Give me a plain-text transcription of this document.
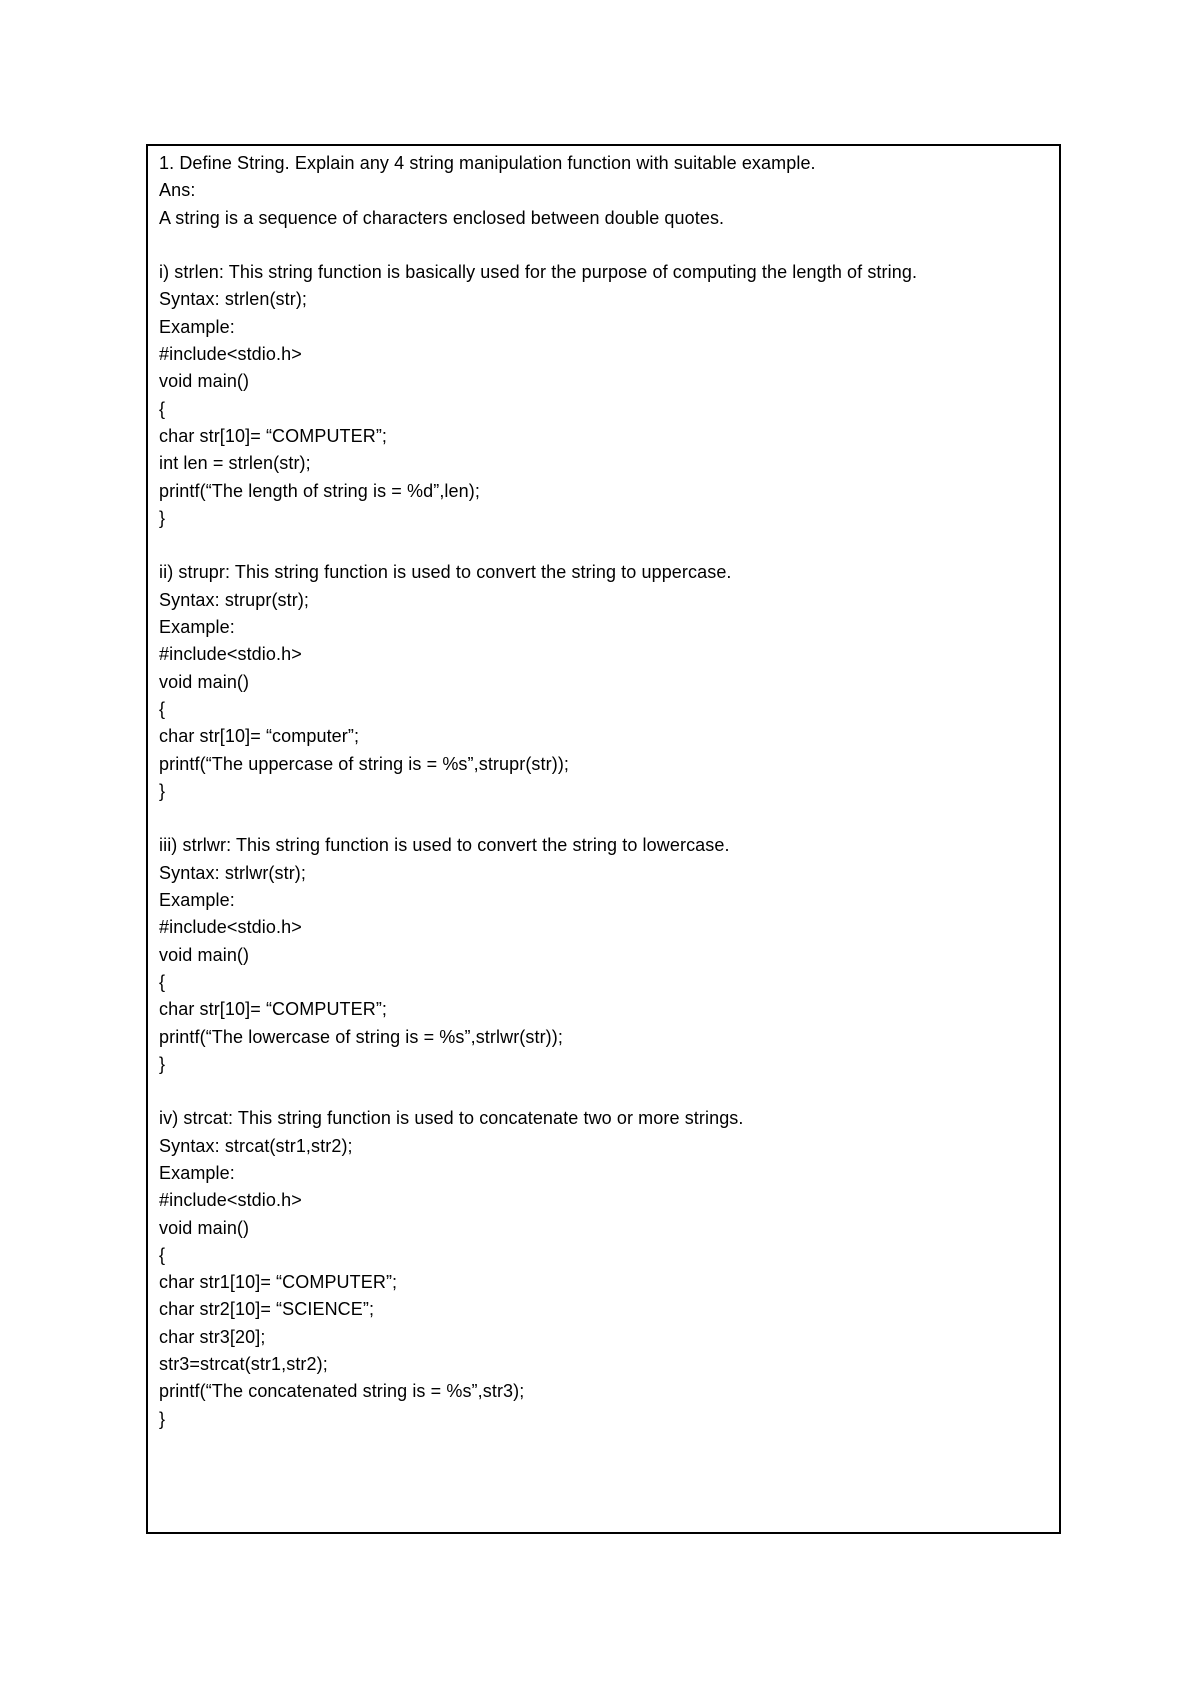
1. Define String. Explain any 4 string manipulation function with suitable example.
Ans:
A string is a sequence of characters enclosed between double quotes.
i) strlen: This string function is basically used for the purpose of computing the length of string.
Syntax: strlen(str);
Example:
#include<stdio.h>
void main()
{
char str[10]= “COMPUTER”;
int len = strlen(str);
printf(“The length of string is = %d”,len);
}
ii) strupr: This string function is used to convert the string to uppercase.
Syntax: strupr(str);
Example:
#include<stdio.h>
void main()
{
char str[10]= “computer”;
printf(“The uppercase of string is = %s”,strupr(str));
}
iii) strlwr: This string function is used to convert the string to lowercase.
Syntax: strlwr(str);
Example:
#include<stdio.h>
void main()
{
char str[10]= “COMPUTER”;
printf(“The lowercase of string is = %s”,strlwr(str));
}
iv) strcat: This string function is used to concatenate two or more strings.
Syntax: strcat(str1,str2);
Example:
#include<stdio.h>
void main()
{
char str1[10]= “COMPUTER”;
char str2[10]= “SCIENCE”;
char str3[20];
str3=strcat(str1,str2);
printf(“The concatenated string is = %s”,str3);
}
